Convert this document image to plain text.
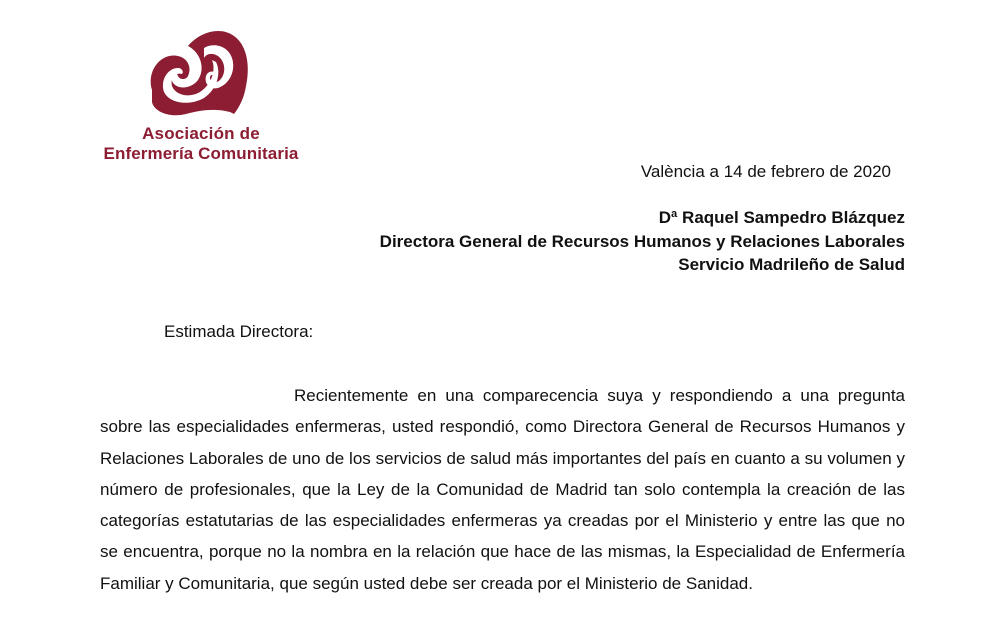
Asociación de
Enfermería Comunitaria
València a 14 de febrero de 2020
Dª Raquel Sampedro Blázquez
Directora General de Recursos Humanos y Relaciones Laborales
Servicio Madrileño de Salud
Estimada Directora:

Recientemente en una comparecencia suya y respondiendo a una pregunta sobre las especialidades enfermeras, usted respondió, como Directora General de Recursos Humanos y Relaciones Laborales de uno de los servicios de salud más importantes del país en cuanto a su volumen y número de profesionales, que la Ley de la Comunidad de Madrid tan solo contempla la creación de las categorías estatutarias de las especialidades enfermeras ya creadas por el Ministerio y entre las que no se encuentra, porque no la nombra en la relación que hace de las mismas, la Especialidad de Enfermería Familiar y Comunitaria, que según usted debe ser creada por el Ministerio de Sanidad.
